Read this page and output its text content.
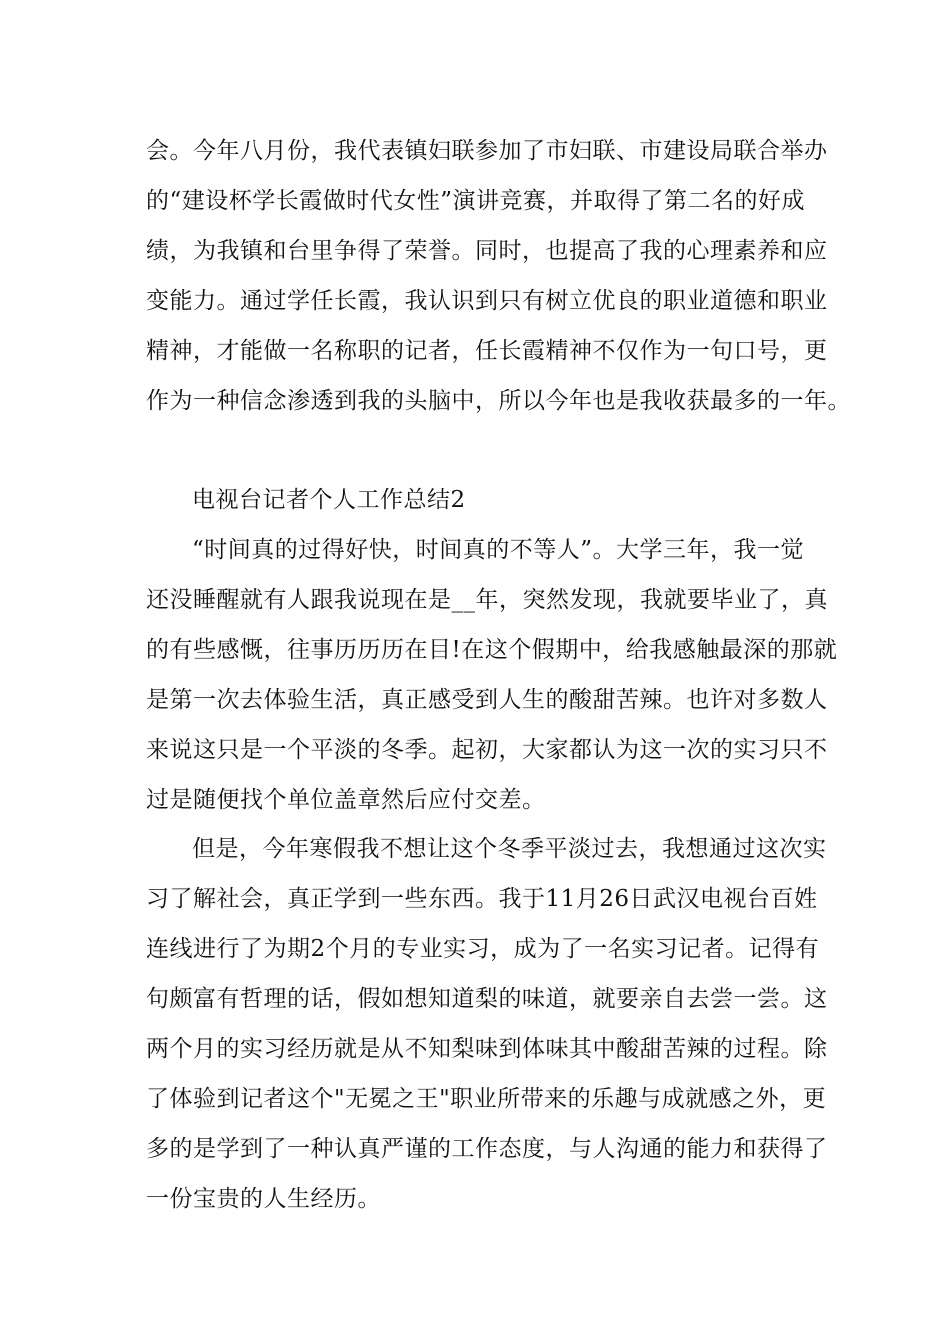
会。今年八月份，我代表镇妇联参加了市妇联、市建设局联合举办
的“建设杯学长霞做时代女性”演讲竞赛，并取得了第二名的好成
绩，为我镇和台里争得了荣誉。同时，也提高了我的心理素养和应
变能力。通过学任长霞，我认识到只有树立优良的职业道德和职业
精神，才能做一名称职的记者，任长霞精神不仅作为一句口号，更
作为一种信念渗透到我的头脑中，所以今年也是我收获最多的一年。
电视台记者个人工作总结2
“时间真的过得好快，时间真的不等人”。大学三年，我一觉
还没睡醒就有人跟我说现在是__年，突然发现，我就要毕业了，真
的有些感慨，往事历历历在目!在这个假期中，给我感触最深的那就
是第一次去体验生活，真正感受到人生的酸甜苦辣。也许对多数人
来说这只是一个平淡的冬季。起初，大家都认为这一次的实习只不
过是随便找个单位盖章然后应付交差。
但是，今年寒假我不想让这个冬季平淡过去，我想通过这次实
习了解社会，真正学到一些东西。我于11月26日武汉电视台百姓
连线进行了为期2个月的专业实习，成为了一名实习记者。记得有
句颇富有哲理的话，假如想知道梨的味道，就要亲自去尝一尝。这
两个月的实习经历就是从不知梨味到体味其中酸甜苦辣的过程。除
了体验到记者这个"无冕之王"职业所带来的乐趣与成就感之外，更
多的是学到了一种认真严谨的工作态度，与人沟通的能力和获得了
一份宝贵的人生经历。
